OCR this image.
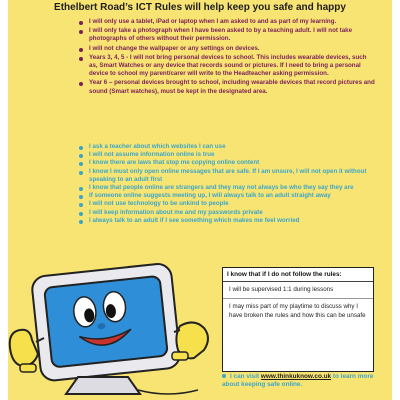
Ethelbert Road’s ICT Rules will help keep you safe and happy
I will only use a tablet, iPad or laptop when I am asked to and as part of my learning.
I will only take a photograph when I have been asked to by a teaching adult. I will not take photographs of others without their permission.
I will not change the wallpaper or any settings on devices.
Years 3, 4, 5 - I will not bring personal devices to school. This includes wearable devices, such as, Smart Watches or any device that records sound or pictures. If I need to bring a personal device to school my parent/carer will write to the Headteacher asking permission.
Year 6 – personal devices brought to school, including wearable devices that record pictures and sound (Smart watches), must be kept in the designated area.
I ask a teacher about which websites I can use
I will not assume information online is true
I know there are laws that stop me copying online content
I know I must only open online messages that are safe. If I am unsure, I will not open it without speaking to an adult first
I know that people online are strangers and they may not always be who they say they are
If someone online suggests meeting up, I will always talk to an adult straight away
I will not use technology to be unkind to people
I will keep information about me and my passwords private
I always talk to an adult if I see something which makes me feel worried
I know that if I do not follow the rules:
I will be supervised 1:1 during lessons
I may miss part of my playtime to discuss why I have broken the rules and how this can be unsafe
I can visit www.thinkuknow.co.uk to learn more about keeping safe online.
